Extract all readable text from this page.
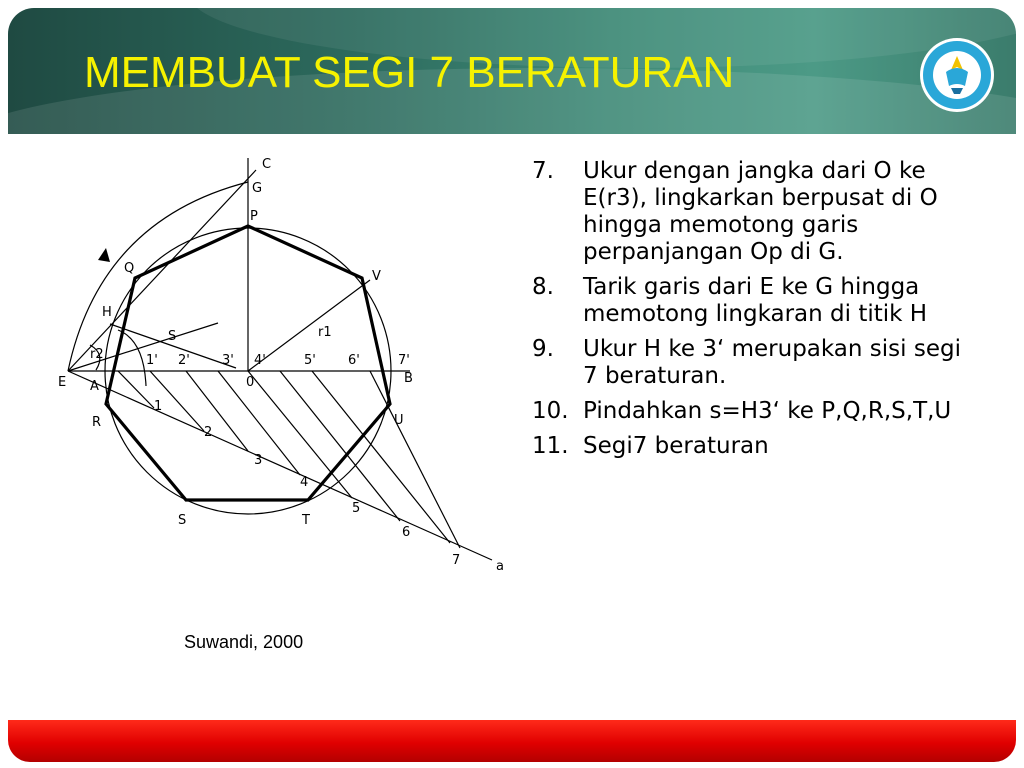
MEMBUAT SEGI 7 BERATURAN
C
G
P
Q
V
H
S	r1
r2
E A	0	B
R	U
S	T
a
1' 2' 3' 4'	5' 6'	7'
1
2
3
4
5
6
7
Suwandi, 2000
7. Ukur dengan jangka dari O ke E(r3), lingkarkan berpusat di O hingga memotong garis perpanjangan Op di G.
8. Tarik garis dari E ke G hingga memotong lingkaran di titik H
9. Ukur H ke 3‘ merupakan sisi segi 7 beraturan.
10. Pindahkan s=H3‘ ke P,Q,R,S,T,U
11. Segi7 beraturan
